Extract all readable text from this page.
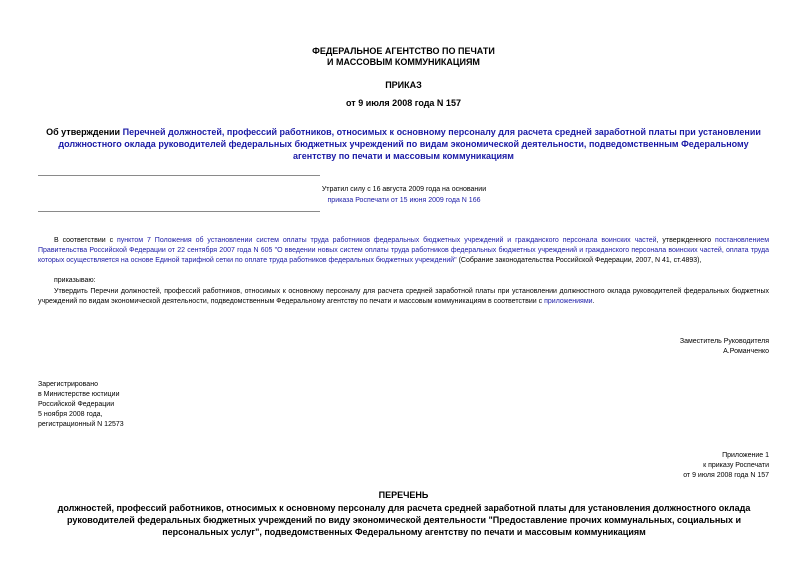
ФЕДЕРАЛЬНОЕ АГЕНТСТВО ПО ПЕЧАТИ
И МАССОВЫМ КОММУНИКАЦИЯМ
ПРИКАЗ
от 9 июля 2008 года N 157
Об утверждении Перечней должностей, профессий работников, относимых к основному персоналу для расчета средней заработной платы при установлении должностного оклада руководителей федеральных бюджетных учреждений по видам экономической деятельности, подведомственным Федеральному агентству по печати и массовым коммуникациям
Утратил силу с 16 августа 2009 года на основании
приказа Роспечати от 15 июня 2009 года N 166
В соответствии с пунктом 7 Положения об установлении систем оплаты труда работников федеральных бюджетных учреждений и гражданского персонала воинских частей, утвержденного постановлением Правительства Российской Федерации от 22 сентября 2007 года N 605 "О введении новых систем оплаты труда работников федеральных бюджетных учреждений и гражданского персонала воинских частей, оплата труда которых осуществляется на основе Единой тарифной сетки по оплате труда работников федеральных бюджетных учреждений" (Собрание законодательства Российской Федерации, 2007, N 41, ст.4893),
приказываю:
Утвердить Перечни должностей, профессий работников, относимых к основному персоналу для расчета средней заработной платы при установлении должностного оклада руководителей федеральных бюджетных учреждений по видам экономической деятельности, подведомственным Федеральному агентству по печати и массовым коммуникациям в соответствии с приложениями.
Заместитель Руководителя
А.Романченко
Зарегистрировано
в Министерстве юстиции
Российской Федерации
5 ноября 2008 года,
регистрационный N 12573
Приложение 1
к приказу Роспечати
от 9 июля 2008 года N 157
ПЕРЕЧЕНЬ
должностей, профессий работников, относимых к основному персоналу для расчета средней заработной платы для установления должностного оклада руководителей федеральных бюджетных учреждений по виду экономической деятельности "Предоставление прочих коммунальных, социальных и персональных услуг", подведомственных Федеральному агентству по печати и массовым коммуникациям
